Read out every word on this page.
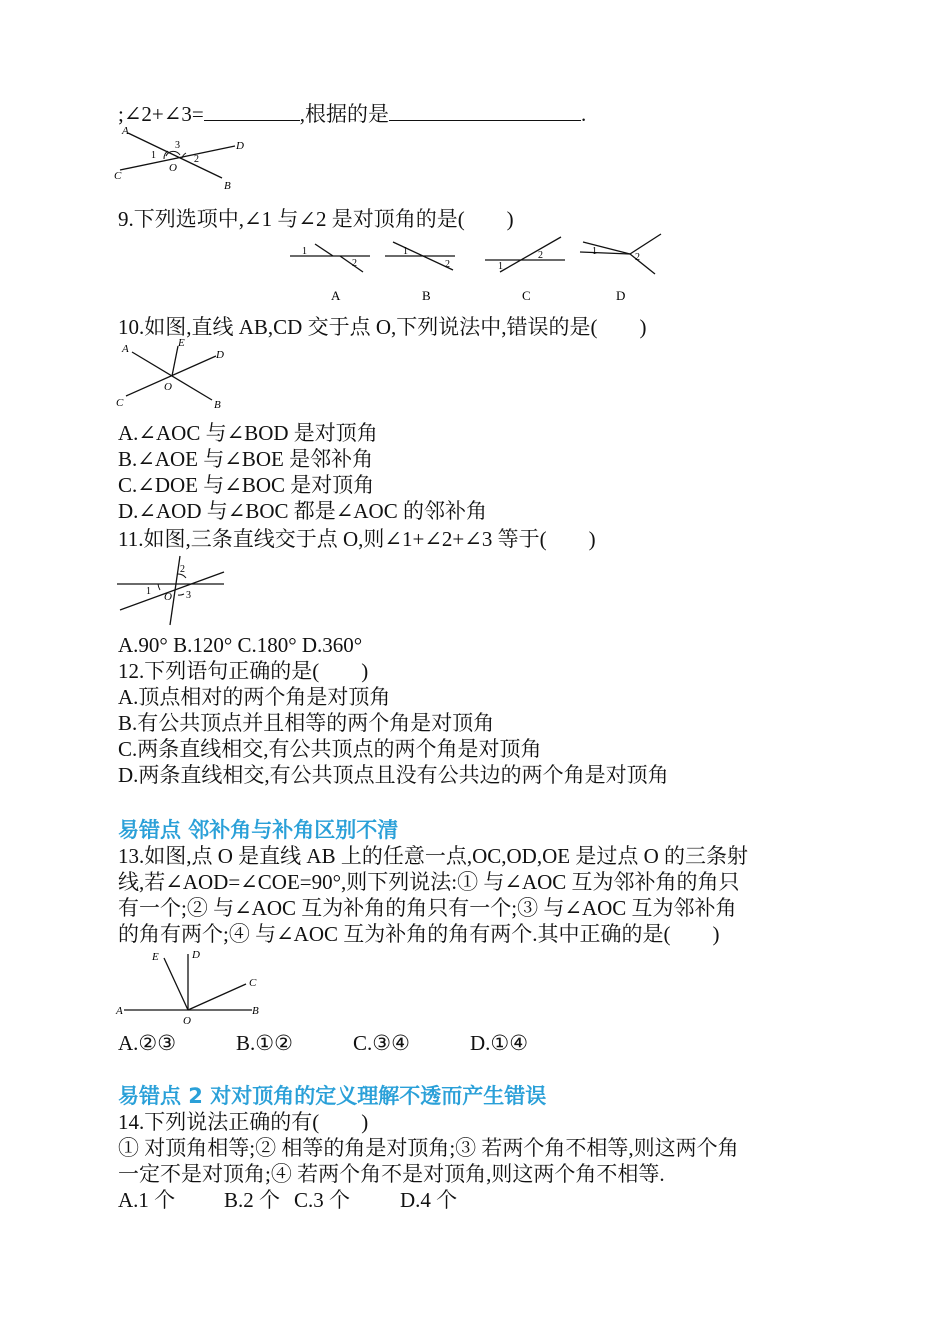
;∠2+∠3=	,根据的是	.
A
B
C
D
O
1	2
3
9.下列选项中,∠1 与∠2 是对顶角的是(　　)
1
2
A
1
2
B
1
2
C
1
2
D
10.如图,直线 AB,CD 交于点 O,下列说法中,错误的是(　　)
A
B
C
D
E
O
A.∠AOC 与∠BOD 是对顶角
B.∠AOE 与∠BOE 是邻补角
C.∠DOE 与∠BOC 是对顶角
D.∠AOD 与∠BOC 都是∠AOC 的邻补角
11.如图,三条直线交于点 O,则∠1+∠2+∠3 等于(　　)
1
2
3
O
A.90° B.120° C.180° D.360°
12.下列语句正确的是(　　)
A.顶点相对的两个角是对顶角
B.有公共顶点并且相等的两个角是对顶角
C.两条直线相交,有公共顶点的两个角是对顶角
D.两条直线相交,有公共顶点且没有公共边的两个角是对顶角
易错点 邻补角与补角区别不清
13.如图,点 O 是直线 AB 上的任意一点,OC,OD,OE 是过点 O 的三条射
线,若∠AOD=∠COE=90°,则下列说法:① 与∠AOC 互为邻补角的角只
有一个;② 与∠AOC 互为补角的角只有一个;③ 与∠AOC 互为邻补角
的角有两个;④ 与∠AOC 互为补角的角有两个.其中正确的是(　　)
A	B
C
D
E
O
A.②③	B.①②	C.③④	D.①④
易错点 2 对对顶角的定义理解不透而产生错误
14.下列说法正确的有(　　)
① 对顶角相等;② 相等的角是对顶角;③ 若两个角不相等,则这两个角
一定不是对顶角;④ 若两个角不是对顶角,则这两个角不相等.
A.1 个 B.2 个 C.3 个 D.4 个
